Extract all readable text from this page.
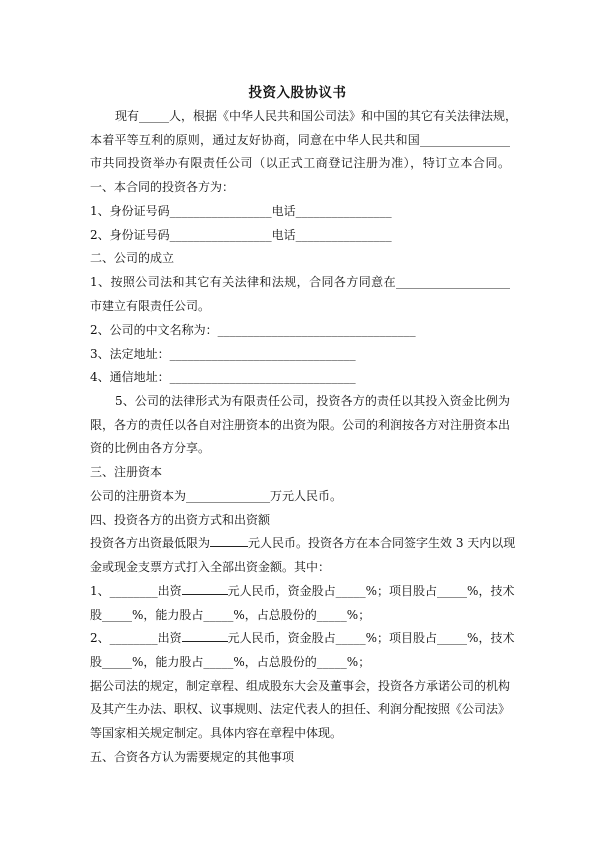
投资入股协议书
现有_____人，根据《中华人民共和国公司法》和中国的其它有关法律法规，
本着平等互利的原则，通过友好协商，同意在中华人民共和国_______________
市共同投资举办有限责任公司（以正式工商登记注册为准），特订立本合同。
一、本合同的投资各方为：
1、身份证号码_________________电话________________
2、身份证号码_________________电话________________
二、公司的成立
1、按照公司法和其它有关法律和法规，合同各方同意在___________________
市建立有限责任公司。
2、公司的中文名称为：_________________________________
3、法定地址：_______________________________
4、通信地址：_______________________________
5、公司的法律形式为有限责任公司，投资各方的责任以其投入资金比例为
限，各方的责任以各自对注册资本的出资为限。公司的利润按各方对注册资本出
资的比例由各方分享。
三、注册资本
公司的注册资本为______________万元人民币。
四、投资各方的出资方式和出资额
投资各方出资最低限为	元人民币。投资各方在本合同签字生效 3 天内以现
金或现金支票方式打入全部出资金额。其中：
1、________出资	元人民币，资金股占_____%；项目股占_____%，技术
股_____%，能力股占_____%，占总股份的_____%；
2、________出资	元人民币，资金股占_____%；项目股占_____%，技术
股_____%，能力股占_____%，占总股份的_____%；
据公司法的规定，制定章程、组成股东大会及董事会，投资各方承诺公司的机构
及其产生办法、职权、议事规则、法定代表人的担任、利润分配按照《公司法》
等国家相关规定制定。具体内容在章程中体现。
五、合资各方认为需要规定的其他事项
